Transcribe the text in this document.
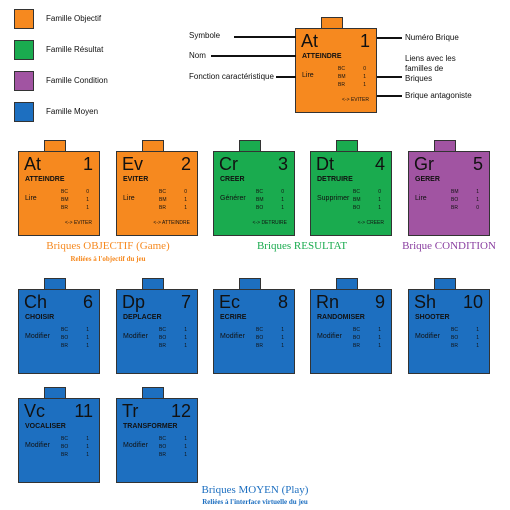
Famille Objectif
Famille Résultat
Famille Condition
Famille Moyen
At 1
ATTEINDRE
Lire
BC	0
BM	1
BR	1
<-> EVITER
Symbole
Nom
Fonction caractéristique
Numéro Brique
Liens avec les familles de Briques
Brique antagoniste
At 1
ATTEINDRE
Lire
BC	0
BM	1
BR	1
<-> EVITER
Ev 2
EVITER
Lire
BC	0
BM	1
BR	1
<-> ATTEINDRE
Cr 3
CREER
Générer
BC	0
BM	1
BO	1
<-> DETRUIRE
Dt 4
DETRUIRE
Supprimer
BC	0
BM	1
BO	1
<-> CREER
Gr 5
GERER
Lire
BM	1
BO	1
BR	0
Ch 6
CHOISIR
Modifier
BC	1
BO	1
BR	1
Dp 7
DEPLACER
Modifier
BC	1
BO	1
BR	1
Ec 8
ECRIRE
Modifier
BC	1
BO	1
BR	1
Rn 9
RANDOMISER
Modifier
BC	1
BO	1
BR	1
Sh 10
SHOOTER
Modifier
BC	1
BO	1
BR	1
Vc 11
VOCALISER
Modifier
BC	1
BO	1
BR	1
Tr 12
TRANSFORMER
Modifier
BC	1
BO	1
BR	1
Briques OBJECTIF (Game)
Reliées à l'objectif du jeu
Briques RESULTAT	Brique CONDITION
Briques MOYEN (Play)
Reliées à l'interface virtuelle du jeu
